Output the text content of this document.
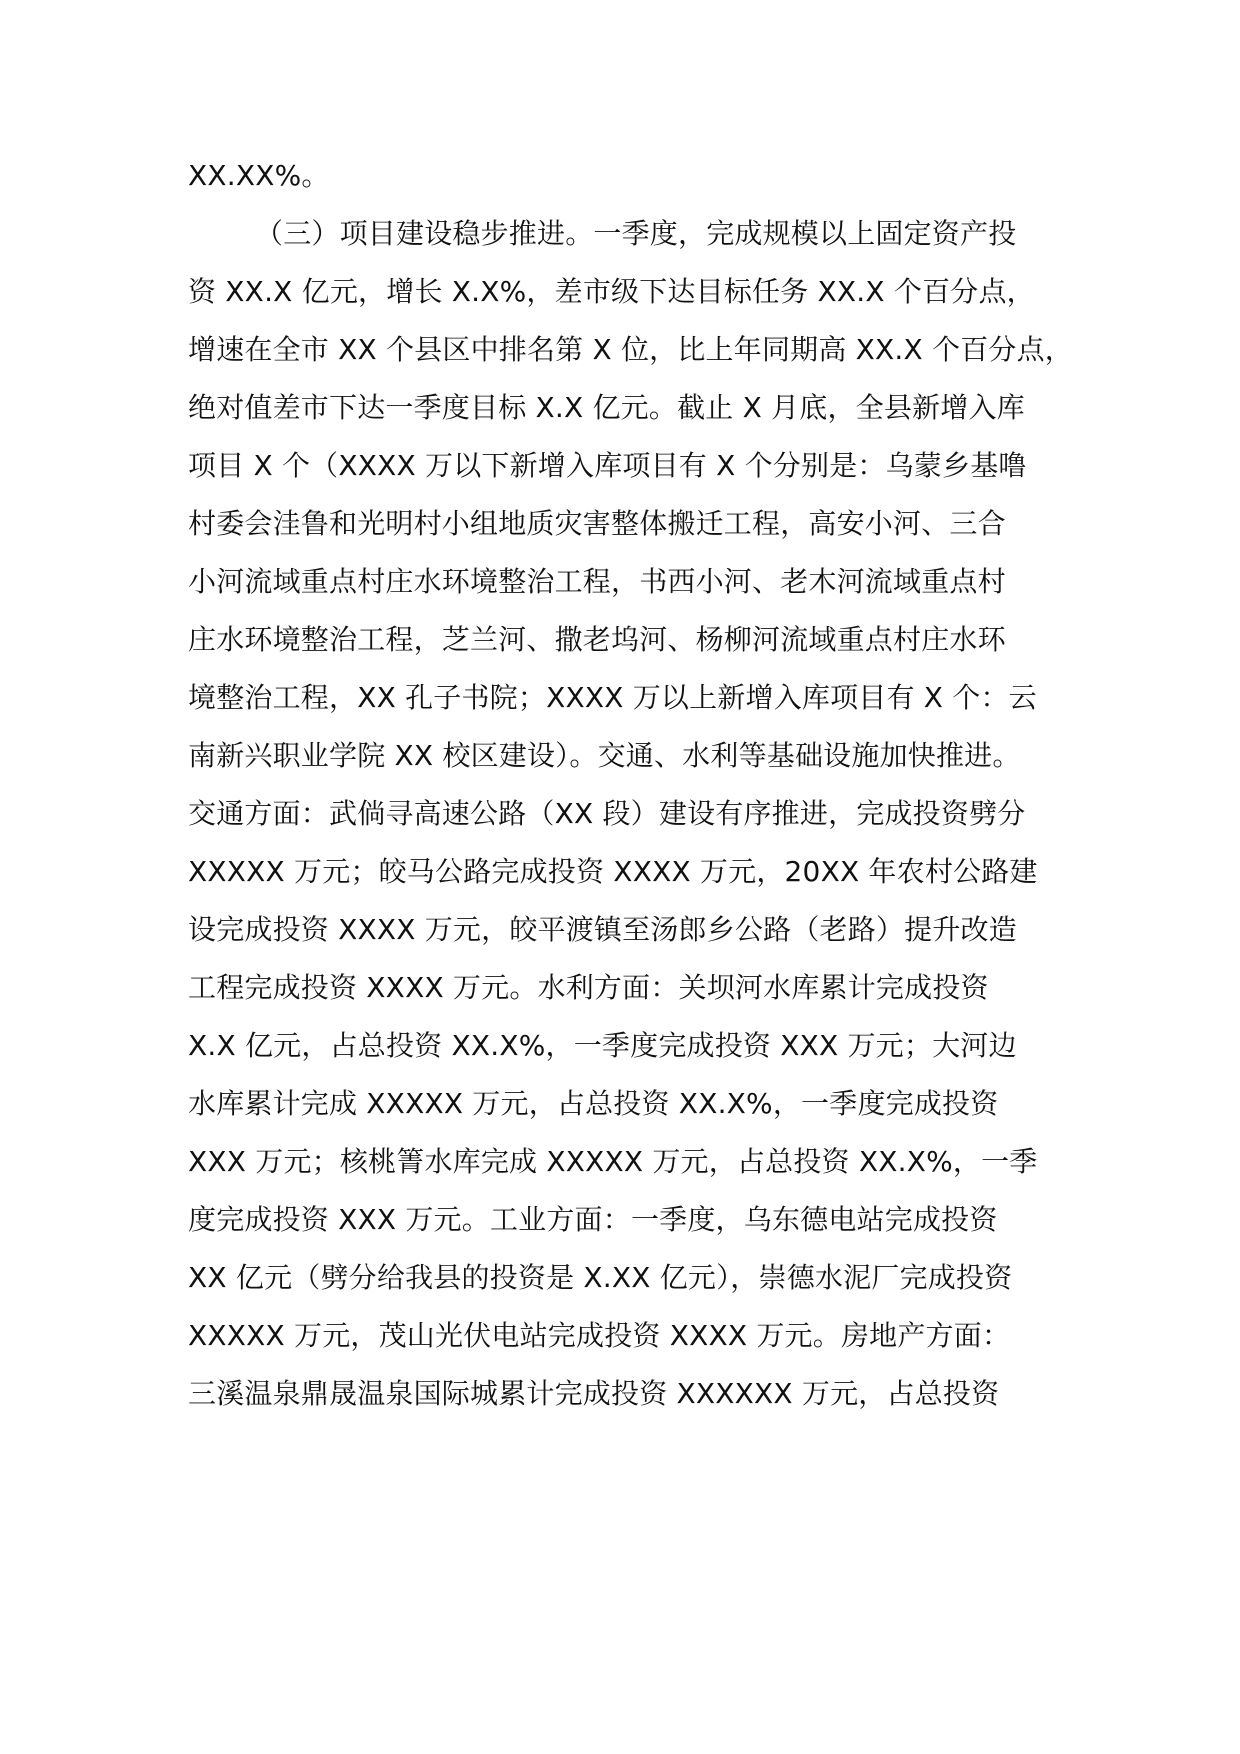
XX.XX%。
（三）项目建设稳步推进。一季度，完成规模以上固定资产投
资 XX.X 亿元，增长 X.X%，差市级下达目标任务 XX.X 个百分点，
增速在全市 XX 个县区中排名第 X 位，比上年同期高 XX.X 个百分点，
绝对值差市下达一季度目标 X.X 亿元。截止 X 月底，全县新增入库
项目 X 个（XXXX 万以下新增入库项目有 X 个分别是：乌蒙乡基噜
村委会洼鲁和光明村小组地质灾害整体搬迁工程，高安小河、三合
小河流域重点村庄水环境整治工程，书西小河、老木河流域重点村
庄水环境整治工程，芝兰河、撒老坞河、杨柳河流域重点村庄水环
境整治工程，XX 孔子书院；XXXX 万以上新增入库项目有 X 个：云
南新兴职业学院 XX 校区建设）。交通、水利等基础设施加快推进。
交通方面：武倘寻高速公路（XX 段）建设有序推进，完成投资劈分
XXXXX 万元；皎马公路完成投资 XXXX 万元，20XX 年农村公路建
设完成投资 XXXX 万元，皎平渡镇至汤郎乡公路（老路）提升改造
工程完成投资 XXXX 万元。水利方面：关坝河水库累计完成投资
X.X 亿元，占总投资 XX.X%，一季度完成投资 XXX 万元；大河边
水库累计完成 XXXXX 万元，占总投资 XX.X%，一季度完成投资
XXX 万元；核桃箐水库完成 XXXXX 万元，占总投资 XX.X%，一季
度完成投资 XXX 万元。工业方面：一季度，乌东德电站完成投资
XX 亿元（劈分给我县的投资是 X.XX 亿元），崇德水泥厂完成投资
XXXXX 万元，茂山光伏电站完成投资 XXXX 万元。房地产方面：
三溪温泉鼎晟温泉国际城累计完成投资 XXXXXX 万元，占总投资
